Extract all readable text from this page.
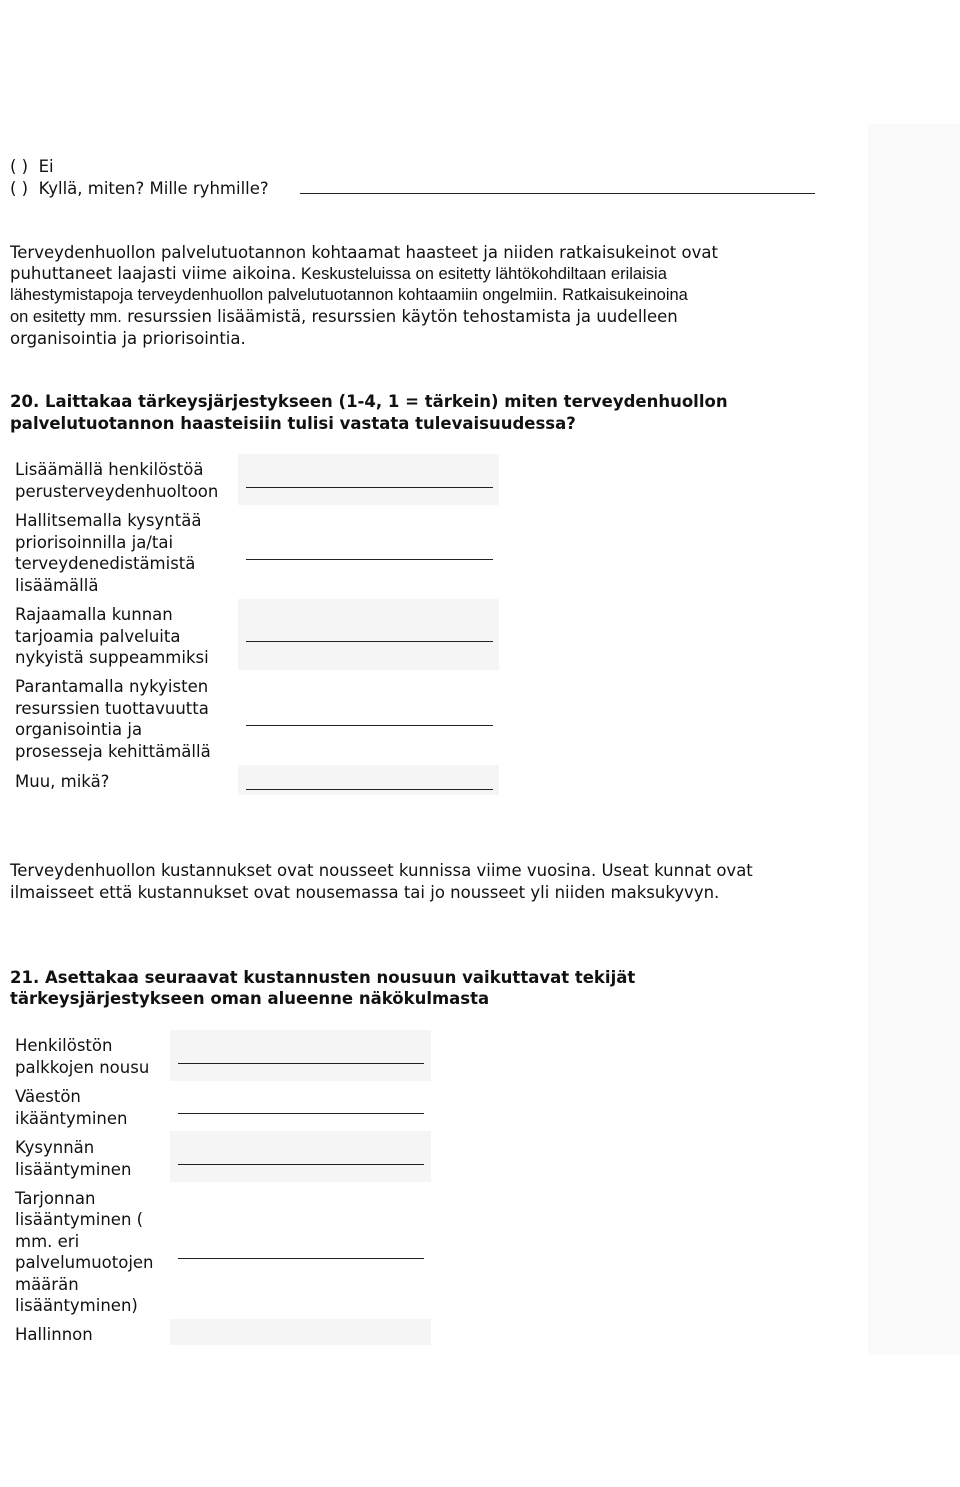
( ) Ei
( ) Kyllä, miten? Mille ryhmille?

Terveydenhuollon palvelutuotannon kohtaamat haasteet ja niiden ratkaisukeinot ovat

puhuttaneet laajasti viime aikoina. Keskusteluissa on esitetty lähtökohdiltaan erilaisia

lähestymistapoja terveydenhuollon palvelutuotannon kohtaamiin ongelmiin. Ratkaisukeinoina

on esitetty mm. resurssien lisäämistä, resurssien käytön tehostamista ja uudelleen

organisointia ja priorisointia.

20. Laittakaa tärkeysjärjestykseen (1-4, 1 = tärkein) miten terveydenhuollon

palvelutuotannon haasteisiin tulisi vastata tulevaisuudessa?

Lisäämällä henkilöstöä

perusterveydenhuoltoon

Hallitsemalla kysyntää

priorisoinnilla ja/tai

terveydenedistämistä

lisäämällä

Rajaamalla kunnan

tarjoamia palveluita

nykyistä suppeammiksi

Parantamalla nykyisten

resurssien tuottavuutta

organisointia ja

prosesseja kehittämällä

Muu, mikä?

Terveydenhuollon kustannukset ovat nousseet kunnissa viime vuosina. Useat kunnat ovat

ilmaisseet että kustannukset ovat nousemassa tai jo nousseet yli niiden maksukyvyn.

21. Asettakaa seuraavat kustannusten nousuun vaikuttavat tekijät

tärkeysjärjestykseen oman alueenne näkökulmasta

Henkilöstön

palkkojen nousu

Väestön

ikääntyminen

Kysynnän

lisääntyminen

Tarjonnan

lisääntyminen (

mm. eri

palvelumuotojen

määrän

lisääntyminen)

Hallinnon
